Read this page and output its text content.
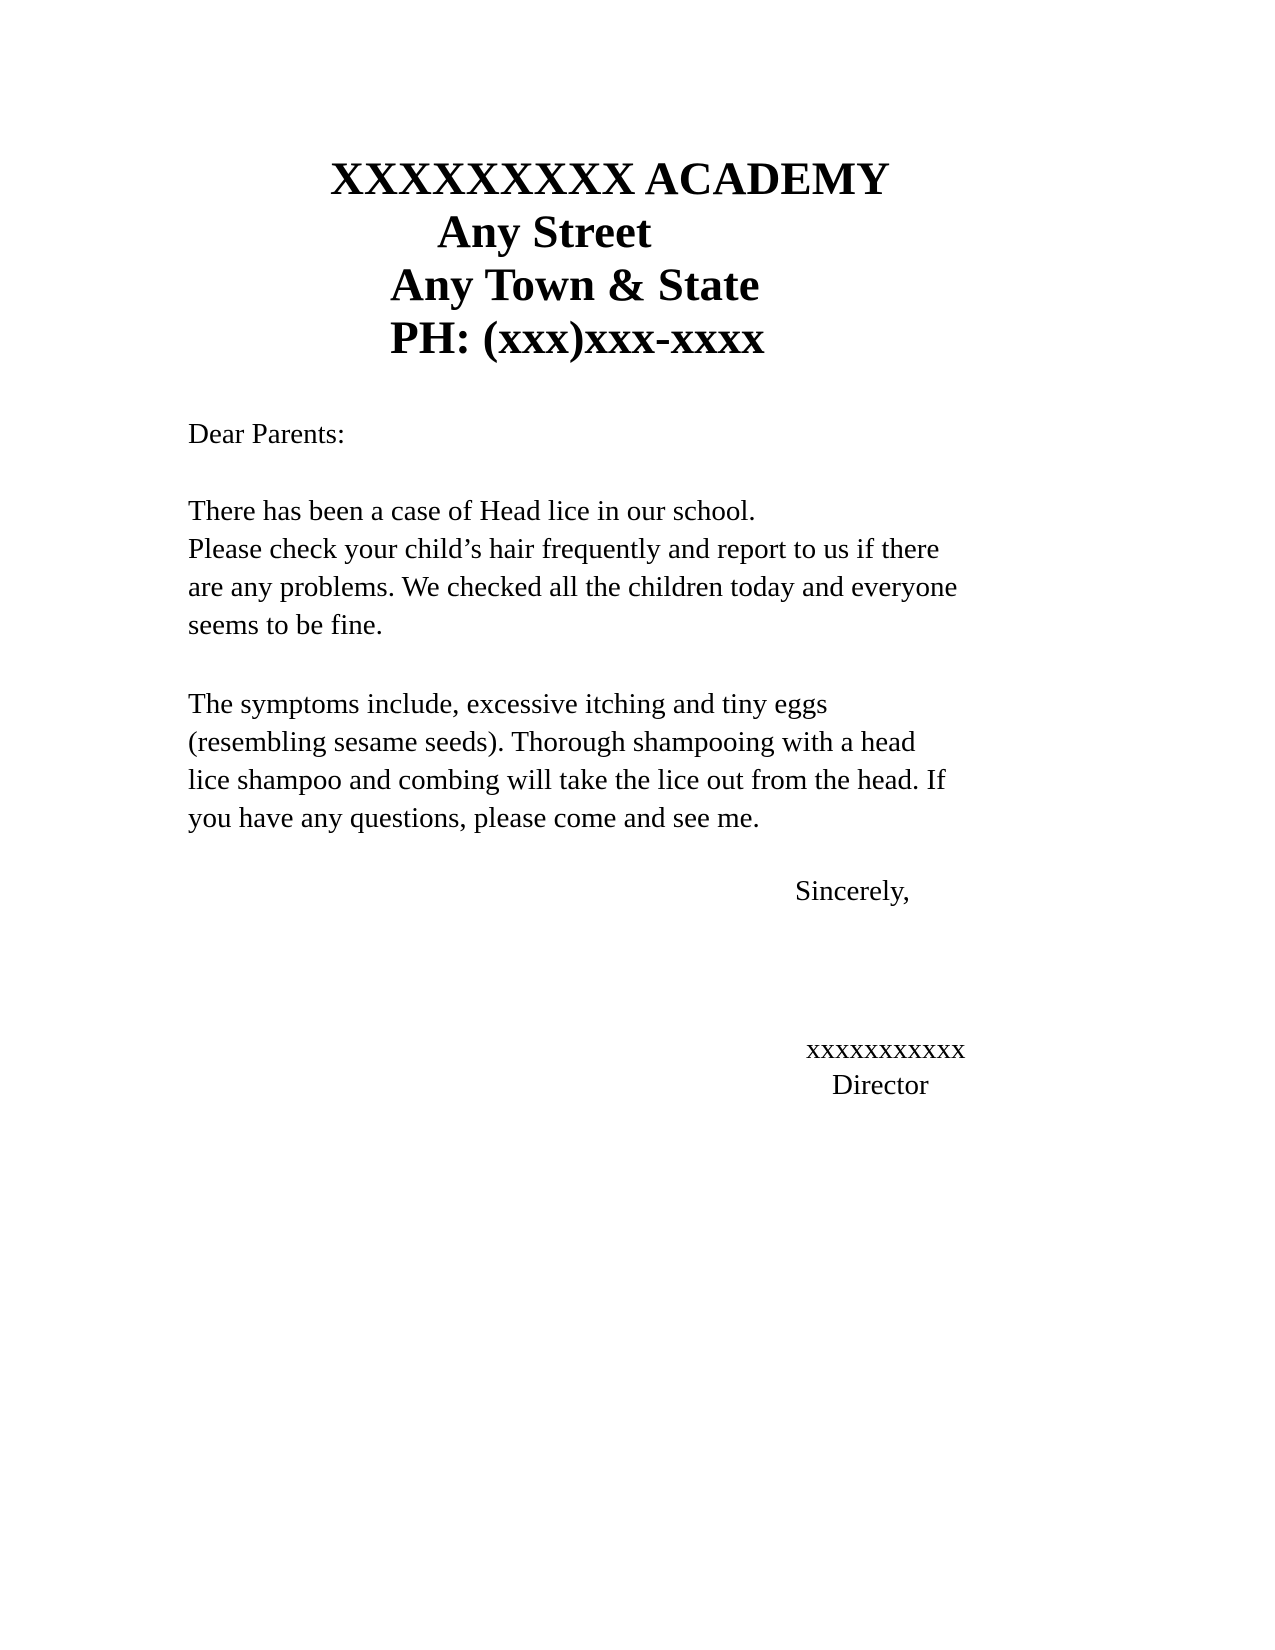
XXXXXXXXX ACADEMY
Any Street
Any Town & State
PH: (xxx)xxx-xxxx
Dear Parents:
There has been a case of Head lice in our school.
Please check your child’s hair frequently and report to us if there
are any problems. We checked all the children today and everyone
seems to be fine.
The symptoms include, excessive itching and tiny eggs
(resembling sesame seeds). Thorough shampooing with a head
lice shampoo and combing will take the lice out from the head. If
you have any questions, please come and see me.
Sincerely,
xxxxxxxxxxx
Director
